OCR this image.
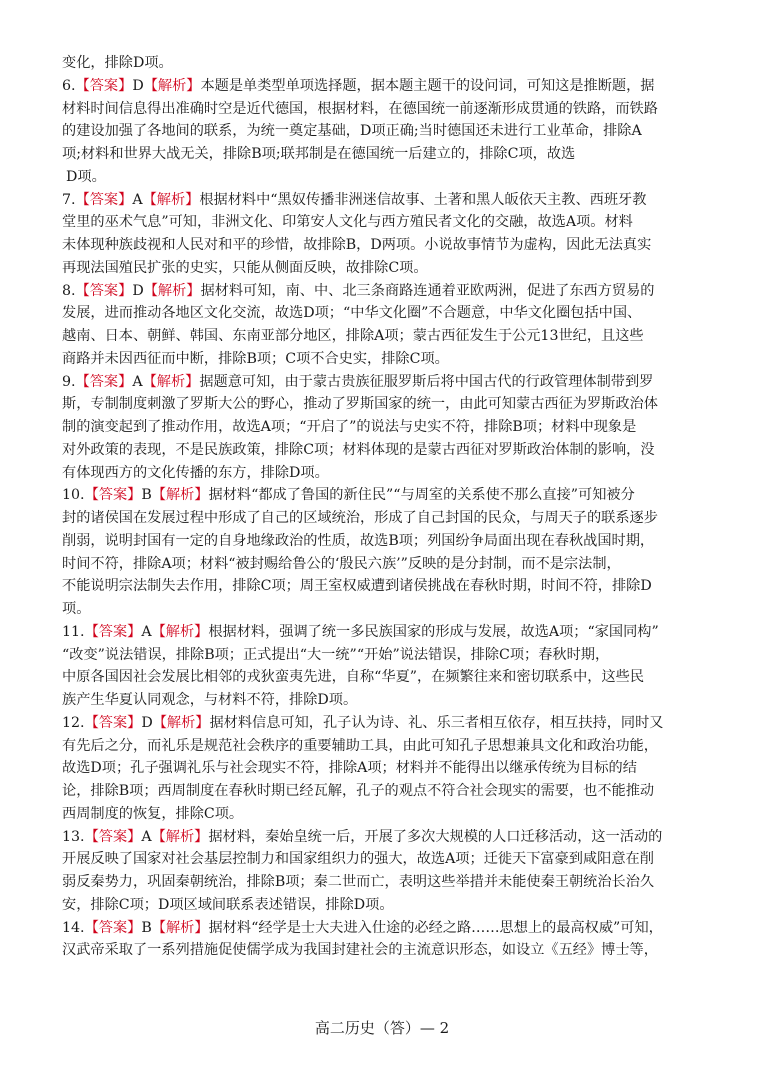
变化，排除D项。
6.【答案】D【解析】本题是单类型单项选择题，据本题主题干的设问词，可知这是推断题，据
材料时间信息得出准确时空是近代德国，根据材料，在德国统一前逐渐形成贯通的铁路，而铁路
的建设加强了各地间的联系，为统一奠定基础，D项正确;当时德国还未进行工业革命，排除A
项;材料和世界大战无关，排除B项;联邦制是在德国统一后建立的，排除C项，故选
D项。
7.【答案】A【解析】根据材料中“黑奴传播非洲迷信故事、土著和黑人皈依天主教、西班牙教
堂里的巫术气息”可知，非洲文化、印第安人文化与西方殖民者文化的交融，故选A项。材料
未体现种族歧视和人民对和平的珍惜，故排除B，D两项。小说故事情节为虚构，因此无法真实
再现法国殖民扩张的史实，只能从侧面反映，故排除C项。
8.【答案】D【解析】据材料可知，南、中、北三条商路连通着亚欧两洲，促进了东西方贸易的
发展，进而推动各地区文化交流，故选D项；“中华文化圈”不合题意，中华文化圈包括中国、
越南、日本、朝鲜、韩国、东南亚部分地区，排除A项；蒙古西征发生于公元13世纪，且这些
商路并未因西征而中断，排除B项；C项不合史实，排除C项。
9.【答案】A【解析】据题意可知，由于蒙古贵族征服罗斯后将中国古代的行政管理体制带到罗
斯，专制制度刺激了罗斯大公的野心，推动了罗斯国家的统一，由此可知蒙古西征为罗斯政治体
制的演变起到了推动作用，故选A项；“开启了”的说法与史实不符，排除B项；材料中现象是
对外政策的表现，不是民族政策，排除C项；材料体现的是蒙古西征对罗斯政治体制的影响，没
有体现西方的文化传播的东方，排除D项。
10.【答案】B【解析】据材料“都成了鲁国的新住民”“与周室的关系使不那么直接”可知被分
封的诸侯国在发展过程中形成了自己的区域统治，形成了自己封国的民众，与周天子的联系逐步
削弱，说明封国有一定的自身地缘政治的性质，故选B项；列国纷争局面出现在春秋战国时期，
时间不符，排除A项；材料“被封赐给鲁公的‘殷民六族’”反映的是分封制，而不是宗法制，
不能说明宗法制失去作用，排除C项；周王室权威遭到诸侯挑战在春秋时期，时间不符，排除D
项。
11.【答案】A【解析】根据材料，强调了统一多民族国家的形成与发展，故选A项；“家国同构”
“改变”说法错误，排除B项；正式提出“大一统”“开始”说法错误，排除C项；春秋时期，
中原各国因社会发展比相邻的戎狄蛮夷先进，自称“华夏”，在频繁往来和密切联系中，这些民
族产生华夏认同观念，与材料不符，排除D项。
12.【答案】D【解析】据材料信息可知，孔子认为诗、礼、乐三者相互依存，相互扶持，同时又
有先后之分，而礼乐是规范社会秩序的重要辅助工具，由此可知孔子思想兼具文化和政治功能，
故选D项；孔子强调礼乐与社会现实不符，排除A项；材料并不能得出以继承传统为目标的结
论，排除B项；西周制度在春秋时期已经瓦解，孔子的观点不符合社会现实的需要，也不能推动
西周制度的恢复，排除C项。
13.【答案】A【解析】据材料，秦始皇统一后，开展了多次大规模的人口迁移活动，这一活动的
开展反映了国家对社会基层控制力和国家组织力的强大，故选A项；迁徙天下富豪到咸阳意在削
弱反秦势力，巩固秦朝统治，排除B项；秦二世而亡，表明这些举措并未能使秦王朝统治长治久
安，排除C项；D项区域间联系表述错误，排除D项。
14.【答案】B【解析】据材料“经学是士大夫进入仕途的必经之路……思想上的最高权威”可知，
汉武帝采取了一系列措施促使儒学成为我国封建社会的主流意识形态，如设立《五经》博士等，
高二历史（答）— 2
